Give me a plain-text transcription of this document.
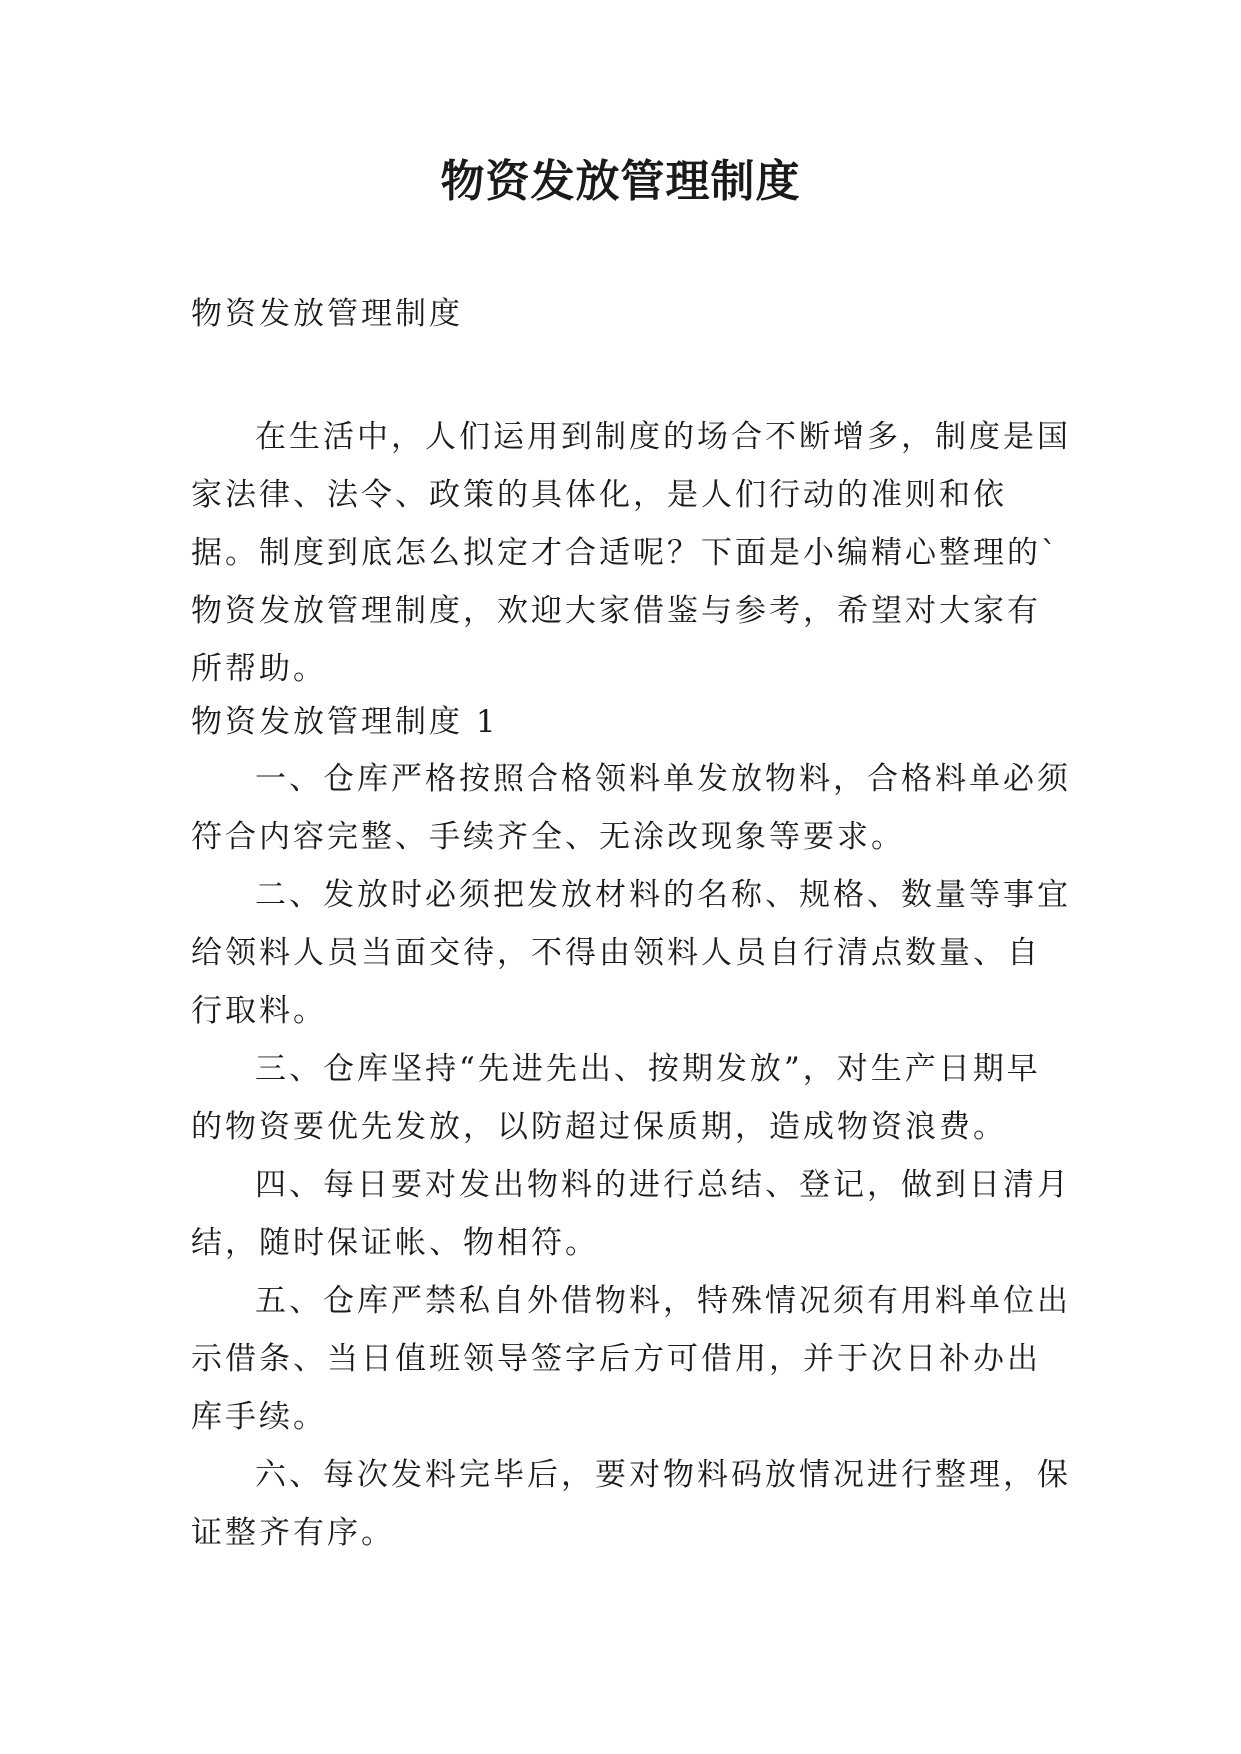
物资发放管理制度

物资发放管理制度

在生活中，人们运用到制度的场合不断增多，制度是国家法律、法令、政策的具体化，是人们行动的准则和依据。制度到底怎么拟定才合适呢？下面是小编精心整理的`物资发放管理制度，欢迎大家借鉴与参考，希望对大家有所帮助。

物资发放管理制度 1

一、仓库严格按照合格领料单发放物料，合格料单必须符合内容完整、手续齐全、无涂改现象等要求。

二、发放时必须把发放材料的名称、规格、数量等事宜给领料人员当面交待，不得由领料人员自行清点数量、自行取料。

三、仓库坚持“先进先出、按期发放”，对生产日期早的物资要优先发放，以防超过保质期，造成物资浪费。

四、每日要对发出物料的进行总结、登记，做到日清月结，随时保证帐、物相符。

五、仓库严禁私自外借物料，特殊情况须有用料单位出示借条、当日值班领导签字后方可借用，并于次日补办出库手续。

六、每次发料完毕后，要对物料码放情况进行整理，保证整齐有序。
